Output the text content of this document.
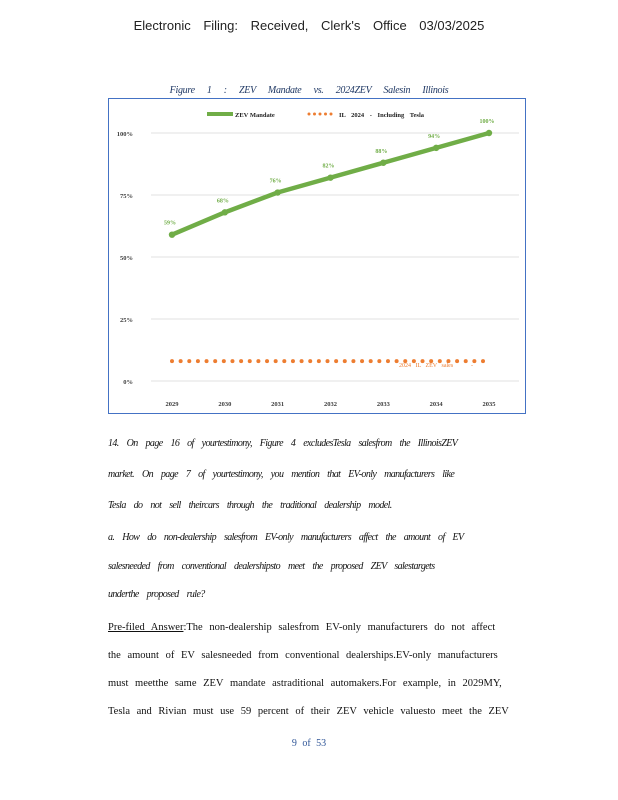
Electronic Filing: Received, Clerk's Office 03/03/2025
Figure 1 : ZEV Mandate vs. 2024ZEV Salesin Illinois
0%
25%
50%
75%
100%
2029	2030	2031	2032	2033	2034	2035
2024 IL ZEV sales	-
59%
68%
76%
82%
88%
94%
100%
ZEV Mandate	IL 2024 - Including Tesla
14. On page 16 of yourtestimony, Figure 4 excludesTesla salesfrom the IllinoisZEV
market. On page 7 of yourtestimony, you mention that EV-only manufacturers like
Tesla do not sell theircars through the traditional dealership model.
a. How do non-dealership salesfrom EV-only manufacturers affect the amount of EV
salesneeded from conventional dealershipsto meet the proposed ZEV salestargets
underthe proposed rule?
Pre-filed Answer:The non-dealership salesfrom EV-only manufacturers do not affect
the amount of EV salesneeded from conventional dealerships.EV-only manufacturers
must meetthe same ZEV mandate astraditional automakers.For example, in 2029MY,
Tesla and Rivian must use 59 percent of their ZEV vehicle valuesto meet the ZEV
9 of 53
